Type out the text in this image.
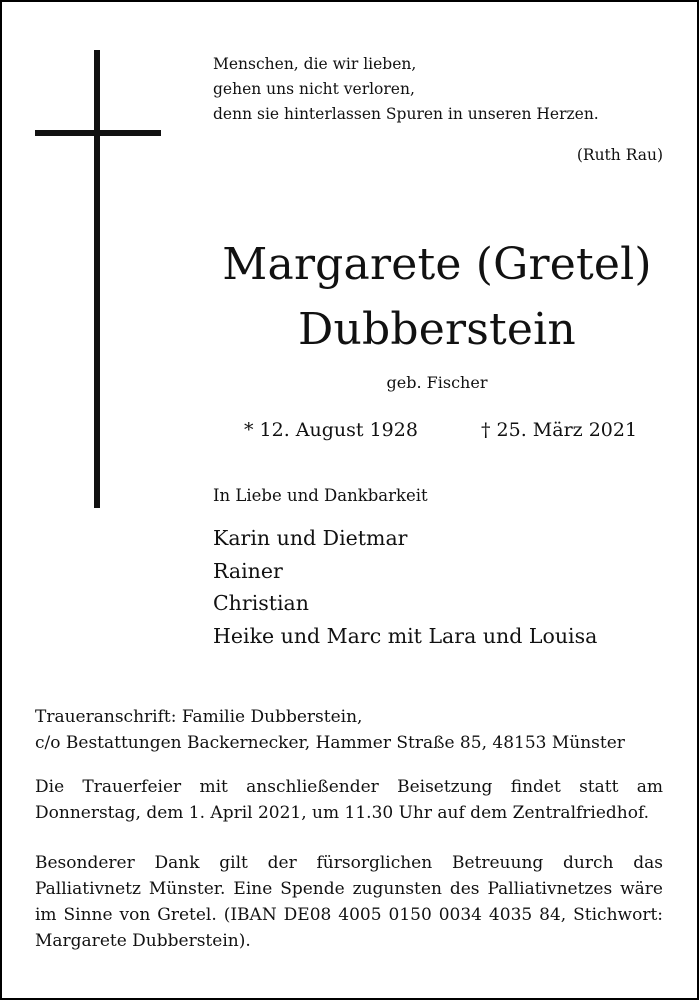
Menschen, die wir lieben,
gehen uns nicht verloren,
denn sie hinterlassen Spuren in unseren Herzen.
(Ruth Rau)
Margarete (Gretel)
Dubberstein
geb. Fischer
* 12. August 1928	† 25. März 2021
In Liebe und Dankbarkeit
Karin und Dietmar
Rainer
Christian
Heike und Marc mit Lara und Louisa
Traueranschrift: Familie Dubberstein,
c/o Bestattungen Backernecker, Hammer Straße 85, 48153 Münster
Die Trauerfeier mit anschließender Beisetzung findet statt am Donnerstag, dem 1. April 2021, um 11.30 Uhr auf dem Zentralfriedhof.
Besonderer Dank gilt der fürsorglichen Betreuung durch das Palliativnetz Münster. Eine Spende zugunsten des Palliativnetzes wäre im Sinne von Gretel. (IBAN DE08 4005 0150 0034 4035 84, Stichwort: Margarete Dubberstein).
